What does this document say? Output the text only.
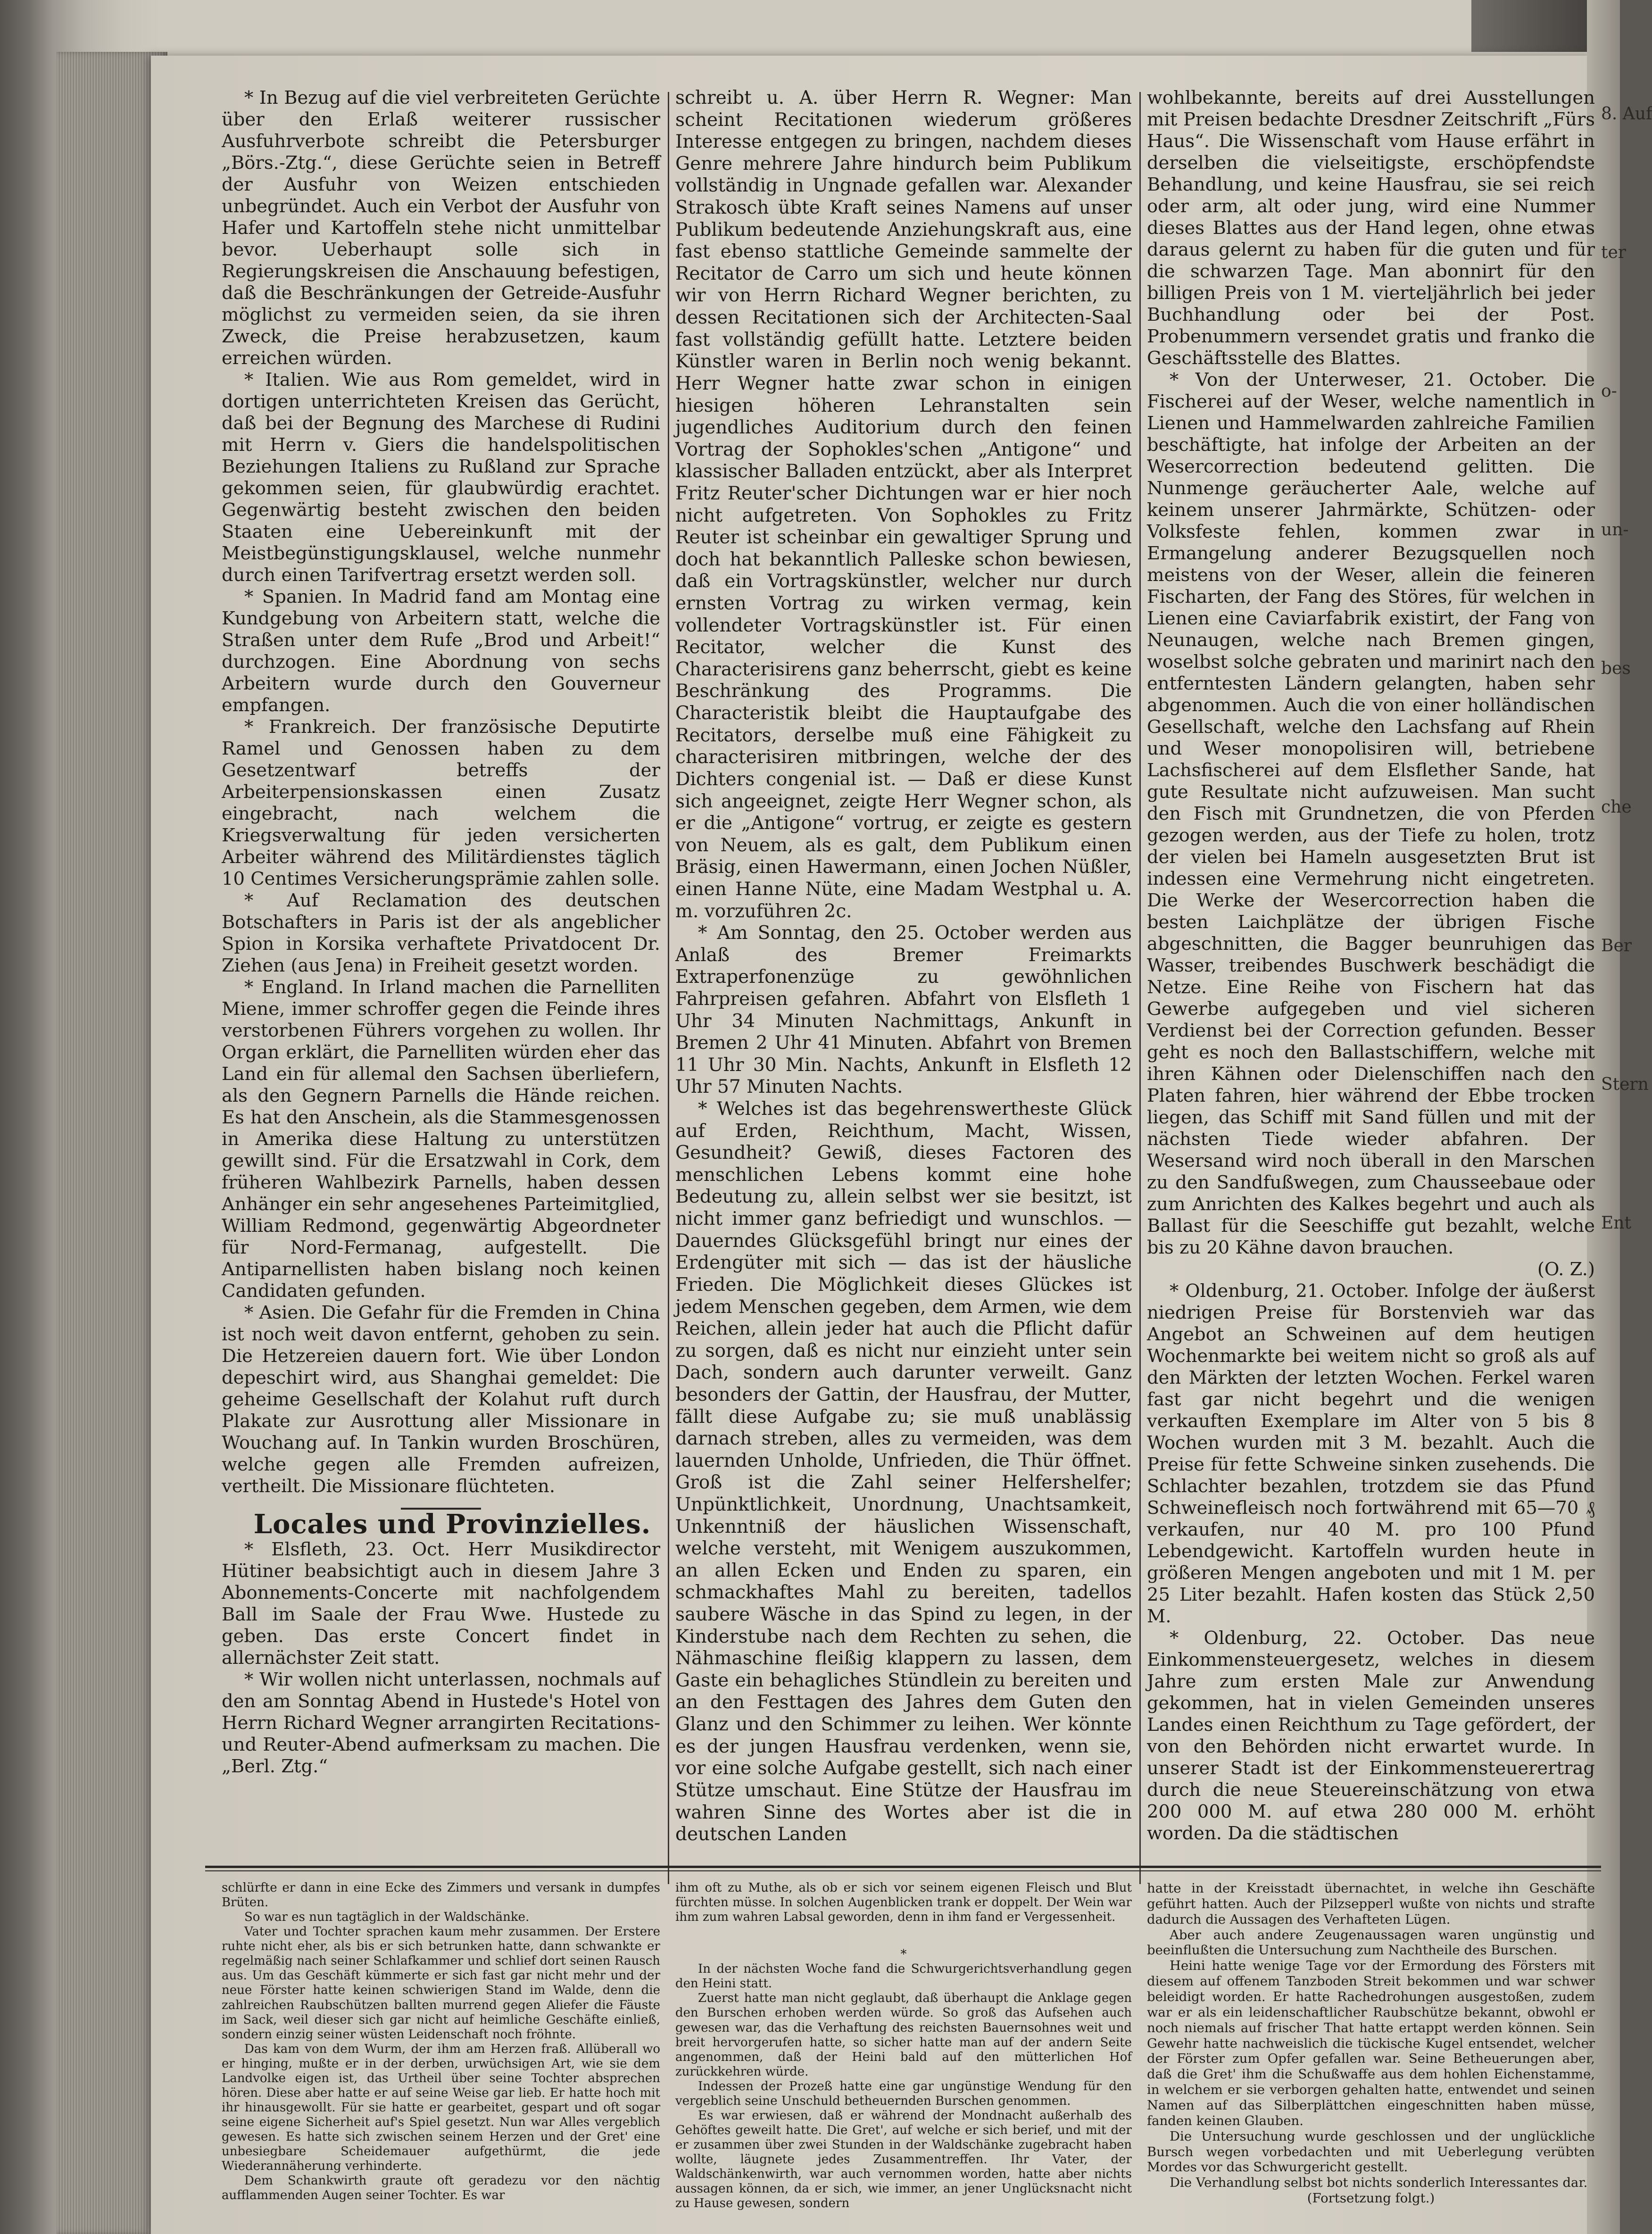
* In Bezug auf die viel verbreiteten Gerüchte über den Erlaß weiterer russischer Ausfuhrverbote schreibt die Petersburger „Börs.-Ztg.“, diese Gerüchte seien in Betreff der Ausfuhr von Weizen entschieden unbegründet. Auch ein Verbot der Ausfuhr von Hafer und Kartoffeln stehe nicht unmittelbar bevor. Ueberhaupt solle sich in Regierungskreisen die Anschauung befestigen, daß die Beschränkungen der Getreide-Ausfuhr möglichst zu vermeiden seien, da sie ihren Zweck, die Preise herabzusetzen, kaum erreichen würden.

* Italien. Wie aus Rom gemeldet, wird in dortigen unterrichteten Kreisen das Gerücht, daß bei der Begnung des Marchese di Rudini mit Herrn v. Giers die handelspolitischen Beziehungen Italiens zu Rußland zur Sprache gekommen seien, für glaubwürdig erachtet. Gegenwärtig besteht zwischen den beiden Staaten eine Uebereinkunft mit der Meistbegünstigungsklausel, welche nunmehr durch einen Tarifvertrag ersetzt werden soll.

* Spanien. In Madrid fand am Montag eine Kundgebung von Arbeitern statt, welche die Straßen unter dem Rufe „Brod und Arbeit!“ durchzogen. Eine Abordnung von sechs Arbeitern wurde durch den Gouverneur empfangen.

* Frankreich. Der französische Deputirte Ramel und Genossen haben zu dem Gesetzentwarf betreffs der Arbeiterpensionskassen einen Zusatz eingebracht, nach welchem die Kriegsverwaltung für jeden versicherten Arbeiter während des Militärdienstes täglich 10 Centimes Versicherungsprämie zahlen solle.

* Auf Reclamation des deutschen Botschafters in Paris ist der als angeblicher Spion in Korsika verhaftete Privatdocent Dr. Ziehen (aus Jena) in Freiheit gesetzt worden.

* England. In Irland machen die Parnelliten Miene, immer schroffer gegen die Feinde ihres verstorbenen Führers vorgehen zu wollen. Ihr Organ erklärt, die Parnelliten würden eher das Land ein für allemal den Sachsen überliefern, als den Gegnern Parnells die Hände reichen. Es hat den Anschein, als die Stammesgenossen in Amerika diese Haltung zu unterstützen gewillt sind. Für die Ersatzwahl in Cork, dem früheren Wahlbezirk Parnells, haben dessen Anhänger ein sehr angesehenes Parteimitglied, William Redmond, gegenwärtig Abgeordneter für Nord-Fermanag, aufgestellt. Die Antiparnellisten haben bislang noch keinen Candidaten gefunden.

* Asien. Die Gefahr für die Fremden in China ist noch weit davon entfernt, gehoben zu sein. Die Hetzereien dauern fort. Wie über London depeschirt wird, aus Shanghai gemeldet: Die geheime Gesellschaft der Kolahut ruft durch Plakate zur Ausrottung aller Missionare in Wouchang auf. In Tankin wurden Broschüren, welche gegen alle Fremden aufreizen, vertheilt. Die Missionare flüchteten.

Locales und Provinzielles.

* Elsfleth, 23. Oct. Herr Musikdirector Hütiner beabsichtigt auch in diesem Jahre 3 Abonnements-Concerte mit nachfolgendem Ball im Saale der Frau Wwe. Hustede zu geben. Das erste Concert findet in allernächster Zeit statt.

* Wir wollen nicht unterlassen, nochmals auf den am Sonntag Abend in Hustede's Hotel von Herrn Richard Wegner arrangirten Recitations- und Reuter-Abend aufmerksam zu machen. Die „Berl. Ztg.“

schreibt u. A. über Herrn R. Wegner: Man scheint Recitationen wiederum größeres Interesse entgegen zu bringen, nachdem dieses Genre mehrere Jahre hindurch beim Publikum vollständig in Ungnade gefallen war. Alexander Strakosch übte Kraft seines Namens auf unser Publikum bedeutende Anziehungskraft aus, eine fast ebenso stattliche Gemeinde sammelte der Recitator de Carro um sich und heute können wir von Herrn Richard Wegner berichten, zu dessen Recitationen sich der Architecten-Saal fast vollständig gefüllt hatte. Letztere beiden Künstler waren in Berlin noch wenig bekannt. Herr Wegner hatte zwar schon in einigen hiesigen höheren Lehranstalten sein jugendliches Auditorium durch den feinen Vortrag der Sophokles'schen „Antigone“ und klassischer Balladen entzückt, aber als Interpret Fritz Reuter'scher Dichtungen war er hier noch nicht aufgetreten. Von Sophokles zu Fritz Reuter ist scheinbar ein gewaltiger Sprung und doch hat bekanntlich Palleske schon bewiesen, daß ein Vortragskünstler, welcher nur durch ernsten Vortrag zu wirken vermag, kein vollendeter Vortragskünstler ist. Für einen Recitator, welcher die Kunst des Characterisirens ganz beherrscht, giebt es keine Beschränkung des Programms. Die Characteristik bleibt die Hauptaufgabe des Recitators, derselbe muß eine Fähigkeit zu characterisiren mitbringen, welche der des Dichters congenial ist. — Daß er diese Kunst sich angeeignet, zeigte Herr Wegner schon, als er die „Antigone“ vortrug, er zeigte es gestern von Neuem, als es galt, dem Publikum einen Bräsig, einen Hawermann, einen Jochen Nüßler, einen Hanne Nüte, eine Madam Westphal u. A. m. vorzuführen 2c.

* Am Sonntag, den 25. October werden aus Anlaß des Bremer Freimarkts Extraperfonenzüge zu gewöhnlichen Fahrpreisen gefahren. Abfahrt von Elsfleth 1 Uhr 34 Minuten Nachmittags, Ankunft in Bremen 2 Uhr 41 Minuten. Abfahrt von Bremen 11 Uhr 30 Min. Nachts, Ankunft in Elsfleth 12 Uhr 57 Minuten Nachts.

* Welches ist das begehrenswertheste Glück auf Erden, Reichthum, Macht, Wissen, Gesundheit? Gewiß, dieses Factoren des menschlichen Lebens kommt eine hohe Bedeutung zu, allein selbst wer sie besitzt, ist nicht immer ganz befriedigt und wunschlos. — Dauerndes Glücksgefühl bringt nur eines der Erdengüter mit sich — das ist der häusliche Frieden. Die Möglichkeit dieses Glückes ist jedem Menschen gegeben, dem Armen, wie dem Reichen, allein jeder hat auch die Pflicht dafür zu sorgen, daß es nicht nur einzieht unter sein Dach, sondern auch darunter verweilt. Ganz besonders der Gattin, der Hausfrau, der Mutter, fällt diese Aufgabe zu; sie muß unablässig darnach streben, alles zu vermeiden, was dem lauernden Unholde, Unfrieden, die Thür öffnet. Groß ist die Zahl seiner Helfershelfer; Unpünktlichkeit, Unordnung, Unachtsamkeit, Unkenntniß der häuslichen Wissenschaft, welche versteht, mit Wenigem auszukommen, an allen Ecken und Enden zu sparen, ein schmackhaftes Mahl zu bereiten, tadellos saubere Wäsche in das Spind zu legen, in der Kinderstube nach dem Rechten zu sehen, die Nähmaschine fleißig klappern zu lassen, dem Gaste ein behagliches Stündlein zu bereiten und an den Festtagen des Jahres dem Guten den Glanz und den Schimmer zu leihen. Wer könnte es der jungen Hausfrau verdenken, wenn sie, vor eine solche Aufgabe gestellt, sich nach einer Stütze umschaut. Eine Stütze der Hausfrau im wahren Sinne des Wortes aber ist die in deutschen Landen

wohlbekannte, bereits auf drei Ausstellungen mit Preisen bedachte Dresdner Zeitschrift „Fürs Haus“. Die Wissenschaft vom Hause erfährt in derselben die vielseitigste, erschöpfendste Behandlung, und keine Hausfrau, sie sei reich oder arm, alt oder jung, wird eine Nummer dieses Blattes aus der Hand legen, ohne etwas daraus gelernt zu haben für die guten und für die schwarzen Tage. Man abonnirt für den billigen Preis von 1 M. vierteljährlich bei jeder Buchhandlung oder bei der Post. Probenummern versendet gratis und franko die Geschäftsstelle des Blattes.

* Von der Unterweser, 21. October. Die Fischerei auf der Weser, welche namentlich in Lienen und Hammelwarden zahlreiche Familien beschäftigte, hat infolge der Arbeiten an der Wesercorrection bedeutend gelitten. Die Nunmenge geräucherter Aale, welche auf keinem unserer Jahrmärkte, Schützen- oder Volksfeste fehlen, kommen zwar in Ermangelung anderer Bezugsquellen noch meistens von der Weser, allein die feineren Fischarten, der Fang des Störes, für welchen in Lienen eine Caviarfabrik existirt, der Fang von Neunaugen, welche nach Bremen gingen, woselbst solche gebraten und marinirt nach den entferntesten Ländern gelangten, haben sehr abgenommen. Auch die von einer holländischen Gesellschaft, welche den Lachsfang auf Rhein und Weser monopolisiren will, betriebene Lachsfischerei auf dem Elsflether Sande, hat gute Resultate nicht aufzuweisen. Man sucht den Fisch mit Grundnetzen, die von Pferden gezogen werden, aus der Tiefe zu holen, trotz der vielen bei Hameln ausgesetzten Brut ist indessen eine Vermehrung nicht eingetreten. Die Werke der Wesercorrection haben die besten Laichplätze der übrigen Fische abgeschnitten, die Bagger beunruhigen das Wasser, treibendes Buschwerk beschädigt die Netze. Eine Reihe von Fischern hat das Gewerbe aufgegeben und viel sicheren Verdienst bei der Correction gefunden. Besser geht es noch den Ballastschiffern, welche mit ihren Kähnen oder Dielenschiffen nach den Platen fahren, hier während der Ebbe trocken liegen, das Schiff mit Sand füllen und mit der nächsten Tiede wieder abfahren. Der Wesersand wird noch überall in den Marschen zu den Sandfußwegen, zum Chausseebaue oder zum Anrichten des Kalkes begehrt und auch als Ballast für die Seeschiffe gut bezahlt, welche bis zu 20 Kähne davon brauchen.

(O. Z.)

* Oldenburg, 21. October. Infolge der äußerst niedrigen Preise für Borstenvieh war das Angebot an Schweinen auf dem heutigen Wochenmarkte bei weitem nicht so groß als auf den Märkten der letzten Wochen. Ferkel waren fast gar nicht begehrt und die wenigen verkauften Exemplare im Alter von 5 bis 8 Wochen wurden mit 3 M. bezahlt. Auch die Preise für fette Schweine sinken zusehends. Die Schlachter bezahlen, trotzdem sie das Pfund Schweinefleisch noch fortwährend mit 65—70 ₰ verkaufen, nur 40 M. pro 100 Pfund Lebendgewicht. Kartoffeln wurden heute in größeren Mengen angeboten und mit 1 M. per 25 Liter bezahlt. Hafen kosten das Stück 2,50 M.

* Oldenburg, 22. October. Das neue Einkommensteuergesetz, welches in diesem Jahre zum ersten Male zur Anwendung gekommen, hat in vielen Gemeinden unseres Landes einen Reichthum zu Tage gefördert, der von den Behörden nicht erwartet wurde. In unserer Stadt ist der Einkommensteuerertrag durch die neue Steuereinschätzung von etwa 200 000 M. auf etwa 280 000 M. erhöht worden. Da die städtischen

schlürfte er dann in eine Ecke des Zimmers und versank in dumpfes Brüten.

So war es nun tagtäglich in der Waldschänke.

Vater und Tochter sprachen kaum mehr zusammen. Der Erstere ruhte nicht eher, als bis er sich betrunken hatte, dann schwankte er regelmäßig nach seiner Schlafkammer und schlief dort seinen Rausch aus. Um das Geschäft kümmerte er sich fast gar nicht mehr und der neue Förster hatte keinen schwierigen Stand im Walde, denn die zahlreichen Raubschützen ballten murrend gegen Aliefer die Fäuste im Sack, weil dieser sich gar nicht auf heimliche Geschäfte einließ, sondern einzig seiner wüsten Leidenschaft noch fröhnte.

Das kam von dem Wurm, der ihm am Herzen fraß. Allüberall wo er hinging, mußte er in der derben, urwüchsigen Art, wie sie dem Landvolke eigen ist, das Urtheil über seine Tochter absprechen hören. Diese aber hatte er auf seine Weise gar lieb. Er hatte hoch mit ihr hinausgewollt. Für sie hatte er gearbeitet, gespart und oft sogar seine eigene Sicherheit auf's Spiel gesetzt. Nun war Alles vergeblich gewesen. Es hatte sich zwischen seinem Herzen und der Gret' eine unbesiegbare Scheidemauer aufgethürmt, die jede Wiederannäherung verhinderte.

Dem Schankwirth graute oft geradezu vor den nächtig aufflammenden Augen seiner Tochter. Es war

ihm oft zu Muthe, als ob er sich vor seinem eigenen Fleisch und Blut fürchten müsse. In solchen Augenblicken trank er doppelt. Der Wein war ihm zum wahren Labsal geworden, denn in ihm fand er Vergessenheit.

*

In der nächsten Woche fand die Schwurgerichtsverhandlung gegen den Heini statt.

Zuerst hatte man nicht geglaubt, daß überhaupt die Anklage gegen den Burschen erhoben werden würde. So groß das Aufsehen auch gewesen war, das die Verhaftung des reichsten Bauernsohnes weit und breit hervorgerufen hatte, so sicher hatte man auf der andern Seite angenommen, daß der Heini bald auf den mütterlichen Hof zurückkehren würde.

Indessen der Prozeß hatte eine gar ungünstige Wendung für den vergeblich seine Unschuld betheuernden Burschen genommen.

Es war erwiesen, daß er während der Mondnacht außerhalb des Gehöftes geweilt hatte. Die Gret', auf welche er sich berief, und mit der er zusammen über zwei Stunden in der Waldschänke zugebracht haben wollte, läugnete jedes Zusammentreffen. Ihr Vater, der Waldschänkenwirth, war auch vernommen worden, hatte aber nichts aussagen können, da er sich, wie immer, an jener Unglücksnacht nicht zu Hause gewesen, sondern

hatte in der Kreisstadt übernachtet, in welche ihn Geschäfte geführt hatten. Auch der Pilzsepperl wußte von nichts und strafte dadurch die Aussagen des Verhafteten Lügen.

Aber auch andere Zeugenaussagen waren ungünstig und beeinflußten die Untersuchung zum Nachtheile des Burschen.

Heini hatte wenige Tage vor der Ermordung des Försters mit diesem auf offenem Tanzboden Streit bekommen und war schwer beleidigt worden. Er hatte Rachedrohungen ausgestoßen, zudem war er als ein leidenschaftlicher Raubschütze bekannt, obwohl er noch niemals auf frischer That hatte ertappt werden können. Sein Gewehr hatte nachweislich die tückische Kugel entsendet, welcher der Förster zum Opfer gefallen war. Seine Betheuerungen aber, daß die Gret' ihm die Schußwaffe aus dem hohlen Eichenstamme, in welchem er sie verborgen gehalten hatte, entwendet und seinen Namen auf das Silberplättchen eingeschnitten haben müsse, fanden keinen Glauben.

Die Untersuchung wurde geschlossen und der unglückliche Bursch wegen vorbedachten und mit Ueberlegung verübten Mordes vor das Schwurgericht gestellt.

Die Verhandlung selbst bot nichts sonderlich Interessantes dar.

(Fortsetzung folgt.)

8. Auf
ter
o-
un-
bes
che
Ber
Stern
Ent
